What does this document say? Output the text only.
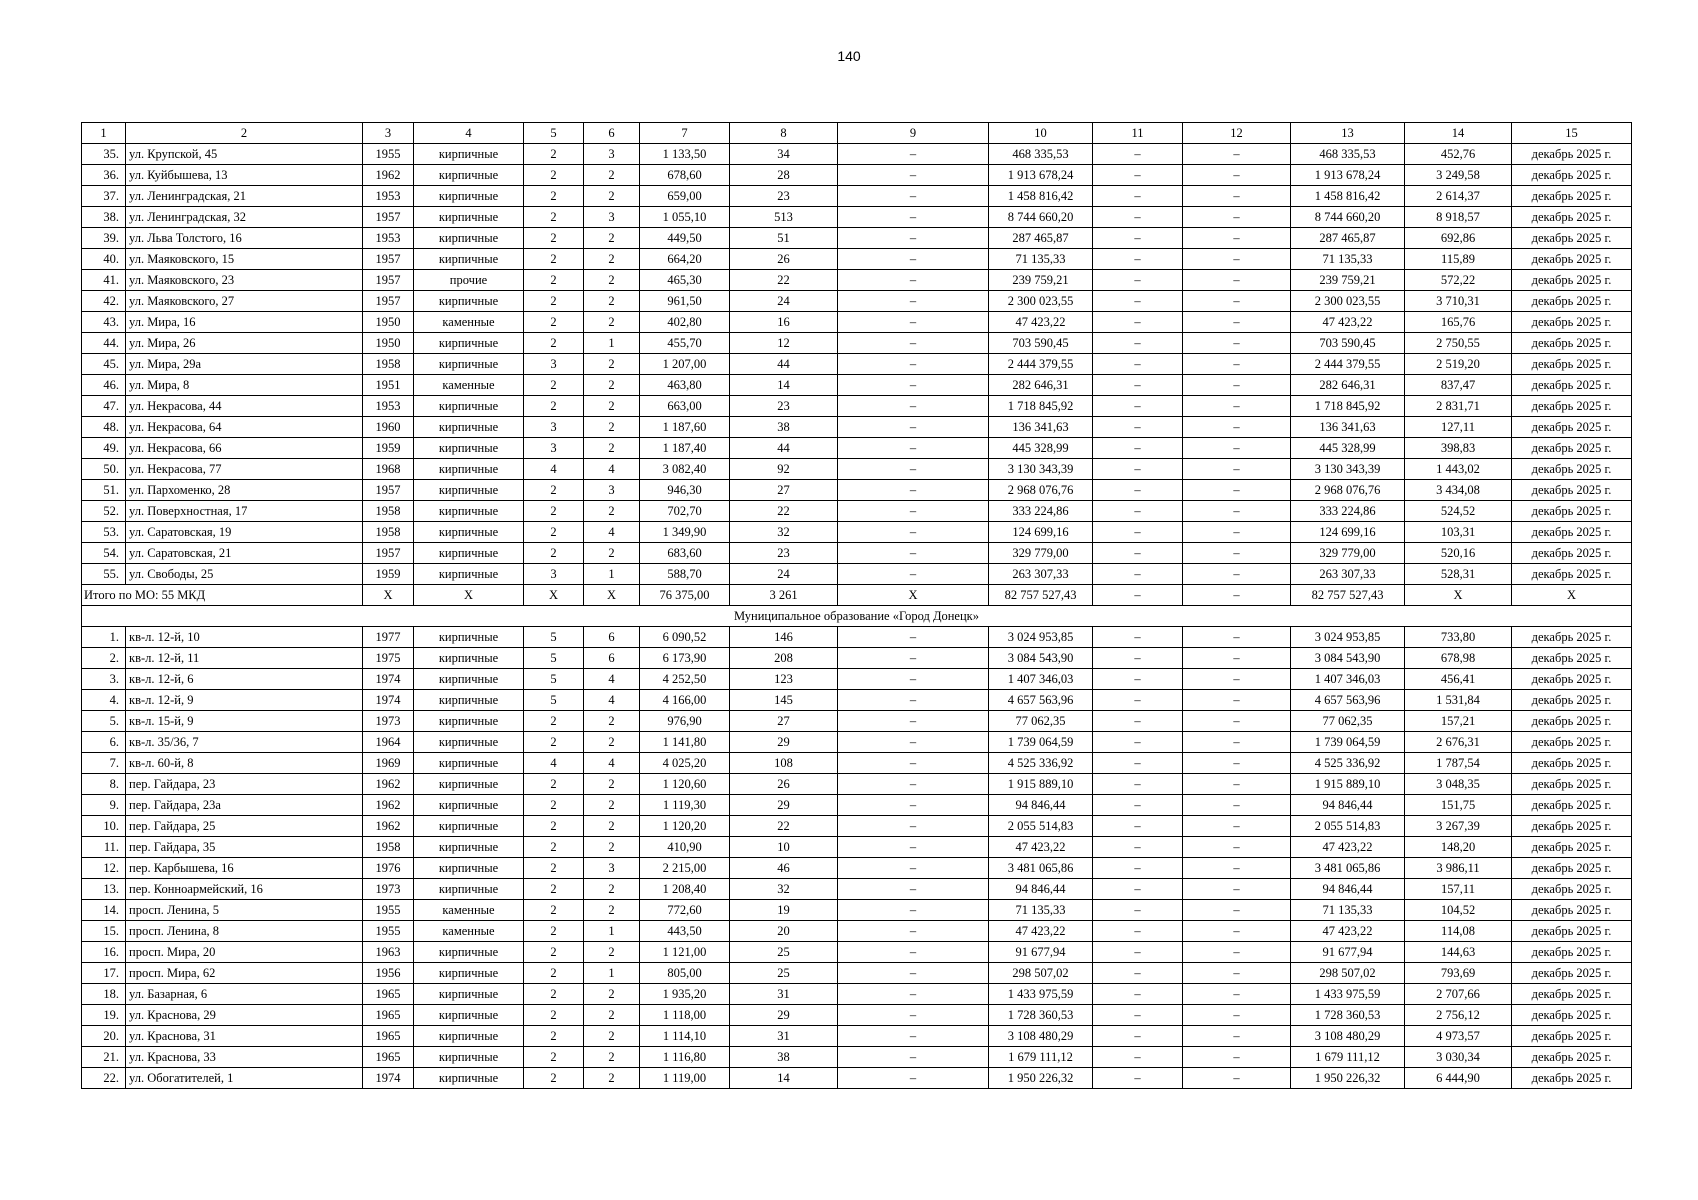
140
1	2	3	4	5	6	7	8	9	10	11	12	13	14	15
35.	ул. Крупской, 45	1955	кирпичные	2	3	1 133,50	34	–	468 335,53	–	–	468 335,53	452,76	декабрь 2025 г.
36.	ул. Куйбышева, 13	1962	кирпичные	2	2	678,60	28	–	1 913 678,24	–	–	1 913 678,24	3 249,58	декабрь 2025 г.
37.	ул. Ленинградская, 21	1953	кирпичные	2	2	659,00	23	–	1 458 816,42	–	–	1 458 816,42	2 614,37	декабрь 2025 г.
38.	ул. Ленинградская, 32	1957	кирпичные	2	3	1 055,10	513	–	8 744 660,20	–	–	8 744 660,20	8 918,57	декабрь 2025 г.
39.	ул. Льва Толстого, 16	1953	кирпичные	2	2	449,50	51	–	287 465,87	–	–	287 465,87	692,86	декабрь 2025 г.
40.	ул. Маяковского, 15	1957	кирпичные	2	2	664,20	26	–	71 135,33	–	–	71 135,33	115,89	декабрь 2025 г.
41.	ул. Маяковского, 23	1957	прочие	2	2	465,30	22	–	239 759,21	–	–	239 759,21	572,22	декабрь 2025 г.
42.	ул. Маяковского, 27	1957	кирпичные	2	2	961,50	24	–	2 300 023,55	–	–	2 300 023,55	3 710,31	декабрь 2025 г.
43.	ул. Мира, 16	1950	каменные	2	2	402,80	16	–	47 423,22	–	–	47 423,22	165,76	декабрь 2025 г.
44.	ул. Мира, 26	1950	кирпичные	2	1	455,70	12	–	703 590,45	–	–	703 590,45	2 750,55	декабрь 2025 г.
45.	ул. Мира, 29а	1958	кирпичные	3	2	1 207,00	44	–	2 444 379,55	–	–	2 444 379,55	2 519,20	декабрь 2025 г.
46.	ул. Мира, 8	1951	каменные	2	2	463,80	14	–	282 646,31	–	–	282 646,31	837,47	декабрь 2025 г.
47.	ул. Некрасова, 44	1953	кирпичные	2	2	663,00	23	–	1 718 845,92	–	–	1 718 845,92	2 831,71	декабрь 2025 г.
48.	ул. Некрасова, 64	1960	кирпичные	3	2	1 187,60	38	–	136 341,63	–	–	136 341,63	127,11	декабрь 2025 г.
49.	ул. Некрасова, 66	1959	кирпичные	3	2	1 187,40	44	–	445 328,99	–	–	445 328,99	398,83	декабрь 2025 г.
50.	ул. Некрасова, 77	1968	кирпичные	4	4	3 082,40	92	–	3 130 343,39	–	–	3 130 343,39	1 443,02	декабрь 2025 г.
51.	ул. Пархоменко, 28	1957	кирпичные	2	3	946,30	27	–	2 968 076,76	–	–	2 968 076,76	3 434,08	декабрь 2025 г.
52.	ул. Поверхностная, 17	1958	кирпичные	2	2	702,70	22	–	333 224,86	–	–	333 224,86	524,52	декабрь 2025 г.
53.	ул. Саратовская, 19	1958	кирпичные	2	4	1 349,90	32	–	124 699,16	–	–	124 699,16	103,31	декабрь 2025 г.
54.	ул. Саратовская, 21	1957	кирпичные	2	2	683,60	23	–	329 779,00	–	–	329 779,00	520,16	декабрь 2025 г.
55.	ул. Свободы, 25	1959	кирпичные	3	1	588,70	24	–	263 307,33	–	–	263 307,33	528,31	декабрь 2025 г.
Итого по МО: 55 МКД		X	X	X	X	76 375,00	3 261	X	82 757 527,43	–	–	82 757 527,43	X	X
Муниципальное образование «Город Донецк»														
1.	кв-л. 12-й, 10	1977	кирпичные	5	6	6 090,52	146	–	3 024 953,85	–	–	3 024 953,85	733,80	декабрь 2025 г.
2.	кв-л. 12-й, 11	1975	кирпичные	5	6	6 173,90	208	–	3 084 543,90	–	–	3 084 543,90	678,98	декабрь 2025 г.
3.	кв-л. 12-й, 6	1974	кирпичные	5	4	4 252,50	123	–	1 407 346,03	–	–	1 407 346,03	456,41	декабрь 2025 г.
4.	кв-л. 12-й, 9	1974	кирпичные	5	4	4 166,00	145	–	4 657 563,96	–	–	4 657 563,96	1 531,84	декабрь 2025 г.
5.	кв-л. 15-й, 9	1973	кирпичные	2	2	976,90	27	–	77 062,35	–	–	77 062,35	157,21	декабрь 2025 г.
6.	кв-л. 35/36, 7	1964	кирпичные	2	2	1 141,80	29	–	1 739 064,59	–	–	1 739 064,59	2 676,31	декабрь 2025 г.
7.	кв-л. 60-й, 8	1969	кирпичные	4	4	4 025,20	108	–	4 525 336,92	–	–	4 525 336,92	1 787,54	декабрь 2025 г.
8.	пер. Гайдара, 23	1962	кирпичные	2	2	1 120,60	26	–	1 915 889,10	–	–	1 915 889,10	3 048,35	декабрь 2025 г.
9.	пер. Гайдара, 23а	1962	кирпичные	2	2	1 119,30	29	–	94 846,44	–	–	94 846,44	151,75	декабрь 2025 г.
10.	пер. Гайдара, 25	1962	кирпичные	2	2	1 120,20	22	–	2 055 514,83	–	–	2 055 514,83	3 267,39	декабрь 2025 г.
11.	пер. Гайдара, 35	1958	кирпичные	2	2	410,90	10	–	47 423,22	–	–	47 423,22	148,20	декабрь 2025 г.
12.	пер. Карбышева, 16	1976	кирпичные	2	3	2 215,00	46	–	3 481 065,86	–	–	3 481 065,86	3 986,11	декабрь 2025 г.
13.	пер. Конноармейский, 16	1973	кирпичные	2	2	1 208,40	32	–	94 846,44	–	–	94 846,44	157,11	декабрь 2025 г.
14.	просп. Ленина, 5	1955	каменные	2	2	772,60	19	–	71 135,33	–	–	71 135,33	104,52	декабрь 2025 г.
15.	просп. Ленина, 8	1955	каменные	2	1	443,50	20	–	47 423,22	–	–	47 423,22	114,08	декабрь 2025 г.
16.	просп. Мира, 20	1963	кирпичные	2	2	1 121,00	25	–	91 677,94	–	–	91 677,94	144,63	декабрь 2025 г.
17.	просп. Мира, 62	1956	кирпичные	2	1	805,00	25	–	298 507,02	–	–	298 507,02	793,69	декабрь 2025 г.
18.	ул. Базарная, 6	1965	кирпичные	2	2	1 935,20	31	–	1 433 975,59	–	–	1 433 975,59	2 707,66	декабрь 2025 г.
19.	ул. Краснова, 29	1965	кирпичные	2	2	1 118,00	29	–	1 728 360,53	–	–	1 728 360,53	2 756,12	декабрь 2025 г.
20.	ул. Краснова, 31	1965	кирпичные	2	2	1 114,10	31	–	3 108 480,29	–	–	3 108 480,29	4 973,57	декабрь 2025 г.
21.	ул. Краснова, 33	1965	кирпичные	2	2	1 116,80	38	–	1 679 111,12	–	–	1 679 111,12	3 030,34	декабрь 2025 г.
22.	ул. Обогатителей, 1	1974	кирпичные	2	2	1 119,00	14	–	1 950 226,32	–	–	1 950 226,32	6 444,90	декабрь 2025 г.
